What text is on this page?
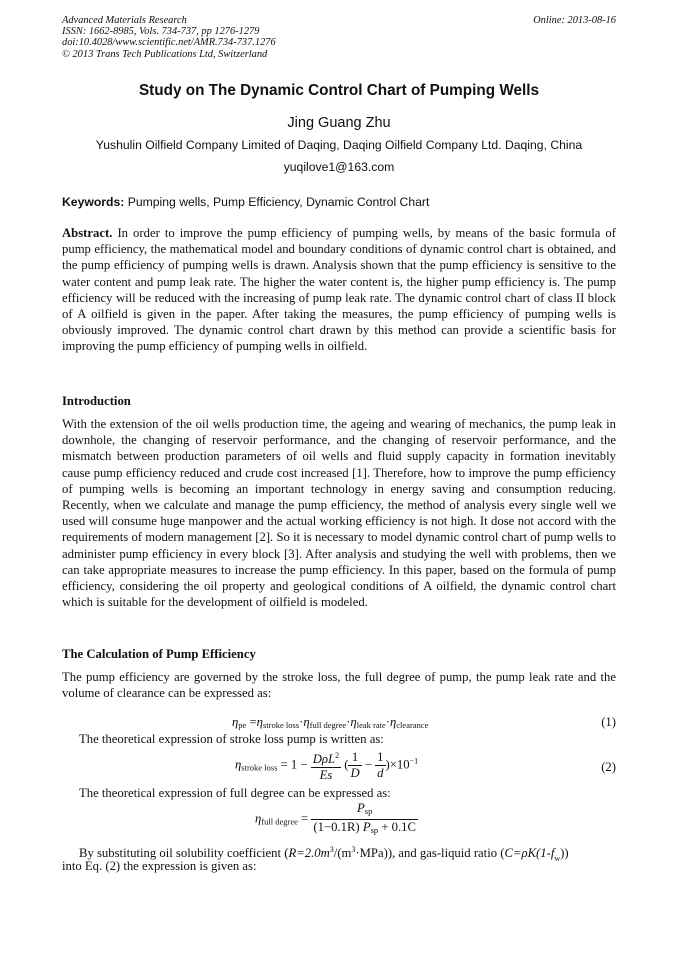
Advanced Materials Research
ISSN: 1662-8985, Vols. 734-737, pp 1276-1279
doi:10.4028/www.scientific.net/AMR.734-737.1276
© 2013 Trans Tech Publications Ltd, Switzerland
Online: 2013-08-16
Study on The Dynamic Control Chart of Pumping Wells
Jing Guang Zhu
Yushulin Oilfield Company Limited of Daqing, Daqing Oilfield Company Ltd. Daqing, China
yuqilove1@163.com
Keywords: Pumping wells, Pump Efficiency, Dynamic Control Chart

Abstract. In order to improve the pump efficiency of pumping wells, by means of the basic formula of pump efficiency, the mathematical model and boundary conditions of dynamic control chart is obtained, and the pump efficiency of pumping wells is drawn. Analysis shown that the pump efficiency is sensitive to the water content and pump leak rate. The higher the water content is, the higher pump efficiency is. The pump efficiency will be reduced with the increasing of pump leak rate. The dynamic control chart of class II block of A oilfield is given in the paper. After taking the measures, the pump efficiency of pumping wells is obviously improved. The dynamic control chart drawn by this method can provide a scientific basis for improving the pump efficiency of pumping wells in oilfield.

Introduction

With the extension of the oil wells production time, the ageing and wearing of mechanics, the pump leak in downhole, the changing of reservoir performance, and the changing of reservoir performance, and the mismatch between production parameters of oil wells and fluid supply capacity in formation inevitably cause pump efficiency reduced and crude cost increased [1]. Therefore, how to improve the pump efficiency of pumping wells is becoming an important technology in energy saving and consumption reducing. Recently, when we calculate and manage the pump efficiency, the method of analysis every single well we used will consume huge manpower and the actual working efficiency is not high. It dose not accord with the requirements of modern management [2]. So it is necessary to model dynamic control chart of pump wells to administer pump efficiency in every block [3]. After analysis and studying the well with problems, then we can take appropriate measures to increase the pump efficiency. In this paper, based on the formula of pump efficiency, considering the oil property and geological conditions of A oilfield, the dynamic control chart which is suitable for the development of oilfield is modeled.

The Calculation of Pump Efficiency

The pump efficiency are governed by the stroke loss, the full degree of pump, the pump leak rate and the volume of clearance can be expressed as:

$\eta_{pe} =\eta_{stroke loss}\cdot\eta_{full degree}\cdot\eta_{leak rate}\cdot\eta_{clearance}$	(1)
The theoretical expression of stroke loss pump is written as:
$\eta_{stroke loss} = 1 - \frac{D\rho L^2}{Es}$ ( $\frac{1}{D} - \frac{1}{d} )\times 10^{-1}$	(2)
The theoretical expression of full degree can be expressed as:
$\eta_{full degree} = \frac{P_{sp}}{(1-0.1R) P_{sp} + 0.1C}$
By substituting oil solubility coefficient $(R=2.0m^3/(m^3\cdot MPa))$, and gas-liquid ratio $(C=\rho K(1-f_w))$
into Eq. (2) the expression is given as:
